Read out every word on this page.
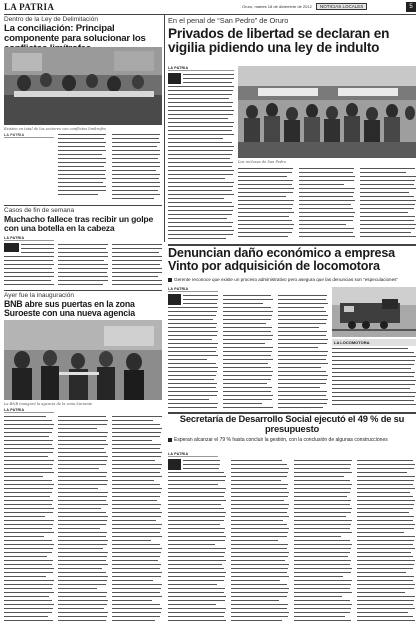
LA PATRIA	Oruro, martes 18 de diciembre de 2012	NOTICIAS LOCALES	5
Dentro de la Ley de Delimitación
La conciliación: Principal componente para solucionar los
Existen en total de los sectores con conflictos limítrofes
LA PATRIA

Casos de fin de semana
Muchacho fallece tras recibir un golpe con una botella en la cabeza
LA PATRIA
Ayer fue la inauguración
BNB abre sus puertas en la zona Suroeste con una nueva agencia
La BNB inauguró la agencia de la zona Suroeste
LA PATRIA
En el penal de “San Pedro” de Oruro
Privados de libertad se declaran en vigilia pidiendo una ley de indulto
LA PATRIA
Los reclusos de San Pedro
Denuncian daño económico a empresa Vinto por adquisición de locomotora
Gerente reconoce que existe un proceso administrativo pero asegura que las denuncias son “especulaciones”
LA PATRIA
LA LOCOMOTORA
Secretaría de Desarrollo Social ejecutó el 49 % de su presupuesto
Esperan alcanzar el 79 % hasta concluir la gestión, con la conclusión de algunas construcciones
LA PATRIA
